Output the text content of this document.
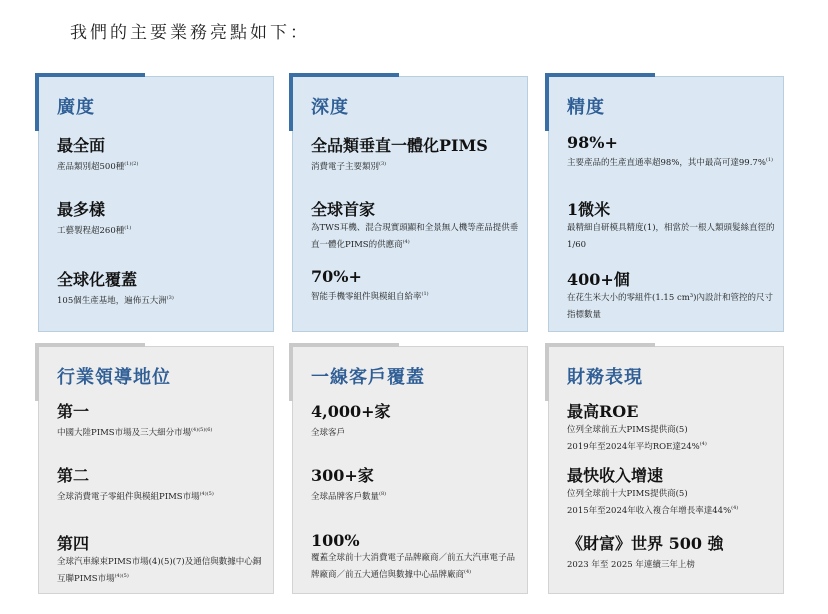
我們的主要業務亮點如下：
廣度
最全面
產品類別超500種$^{(1)(2)}$
最多樣
工藝製程超260種$^{(1)}$
全球化覆蓋
105個生產基地，遍佈五大洲$^{(3)}$
深度
全品類垂直一體化PIMS
消費電子主要類別$^{(3)}$
全球首家
為TWS耳機、混合現實頭顯和全景無人機等產品提供垂直一體化PIMS的供應商$^{(4)}$
70%+
智能手機零組件與模組自給率$^{(1)}$
精度
98%+
主要產品的生產直通率超98%，其中最高可達99.7%$^{(1)}$
1微米
最精細自研模具精度(1)，相當於一根人類頭髮絲直徑的1/60
400+個
在花生米大小的零組件(1.15 cm³)內設計和管控的尺寸指標數量
行業領導地位
第一
中國大陸PIMS市場及三大細分市場$^{(4)(5)(6)}$
第二
全球消費電子零組件與模組PIMS市場$^{(4)(5)}$
第四
全球汽車線束PIMS市場(4)(5)(7)及通信與數據中心銅互聯PIMS市場$^{(4)(5)}$
一線客戶覆蓋
4,000+家
全球客戶
300+家
全球品牌客戶數量$^{(8)}$
100%
覆蓋全球前十大消費電子品牌廠商／前五大汽車電子品牌廠商／前五大通信與數據中心品牌廠商$^{(4)}$
財務表現
最高ROE
位列全球前五大PIMS提供商(5)
2019年至2024年平均ROE達24%$^{(4)}$
最快收入增速
位列全球前十大PIMS提供商(5)
2015年至2024年收入複合年增長率達44%$^{(4)}$
《財富》世界 500 強
2023 年至 2025 年連續三年上榜
